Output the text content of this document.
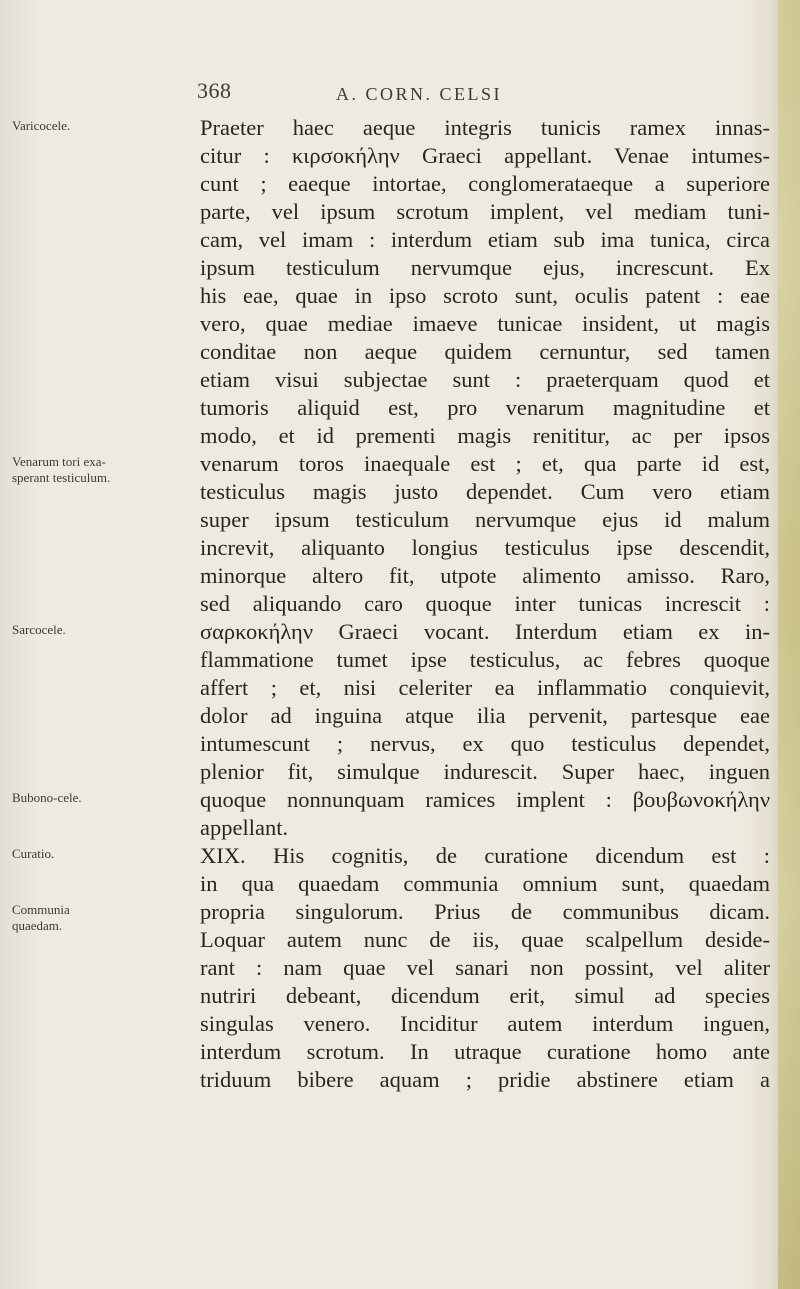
368	A. CORN. CELSI
Varicocele.
Venarum tori exa-sperant testiculum.
Sarcocele.
Bubono-cele.
Curatio.
Communia quaedam.
Praeter haec aeque integris tunicis ramex innas-
citur : κιρσοκήλην Graeci appellant. Venae intumes-
cunt ; eaeque intortae, conglomerataeque a superiore
parte, vel ipsum scrotum implent, vel mediam tuni-
cam, vel imam : interdum etiam sub ima tunica, circa
ipsum testiculum nervumque ejus, increscunt. Ex
his eae, quae in ipso scroto sunt, oculis patent : eae
vero, quae mediae imaeve tunicae insident, ut magis
conditae non aeque quidem cernuntur, sed tamen
etiam visui subjectae sunt : praeterquam quod et
tumoris aliquid est, pro venarum magnitudine et
modo, et id prementi magis renititur, ac per ipsos
venarum toros inaequale est ; et, qua parte id est,
testiculus magis justo dependet. Cum vero etiam
super ipsum testiculum nervumque ejus id malum
increvit, aliquanto longius testiculus ipse descendit,
minorque altero fit, utpote alimento amisso. Raro,
sed aliquando caro quoque inter tunicas increscit :
σαρκοκήλην Graeci vocant. Interdum etiam ex in-
flammatione tumet ipse testiculus, ac febres quoque
affert ; et, nisi celeriter ea inflammatio conquievit,
dolor ad inguina atque ilia pervenit, partesque eae
intumescunt ; nervus, ex quo testiculus dependet,
plenior fit, simulque indurescit. Super haec, inguen
quoque nonnunquam ramices implent : βουβωνοκήλην
appellant.
XIX. His cognitis, de curatione dicendum est :
in qua quaedam communia omnium sunt, quaedam
propria singulorum. Prius de communibus dicam.
Loquar autem nunc de iis, quae scalpellum deside-
rant : nam quae vel sanari non possint, vel aliter
nutriri debeant, dicendum erit, simul ad species
singulas venero. Inciditur autem interdum inguen,
interdum scrotum. In utraque curatione homo ante
triduum bibere aquam ; pridie abstinere etiam a
